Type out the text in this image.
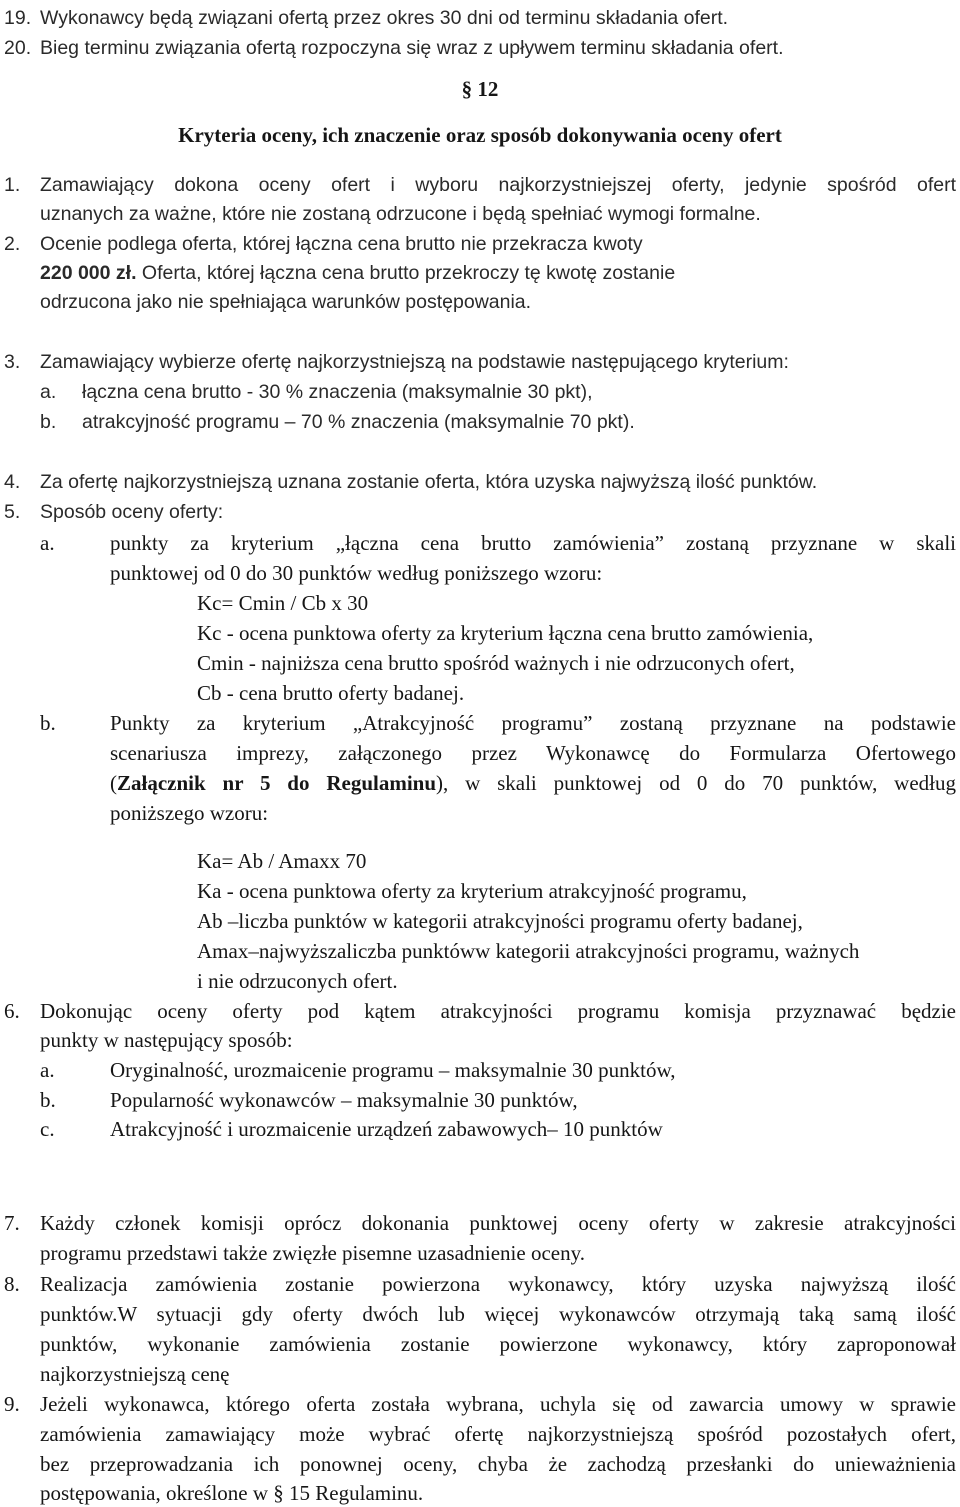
19. Wykonawcy będą związani ofertą przez okres 30 dni od terminu składania ofert.
20. Bieg terminu związania ofertą rozpoczyna się wraz z upływem terminu składania ofert.
§ 12
Kryteria oceny, ich znaczenie oraz sposób dokonywania oceny ofert
1. Zamawiający dokona oceny ofert i wyboru najkorzystniejszej oferty, jedynie spośród ofert
uznanych za ważne, które nie zostaną odrzucone i będą spełniać wymogi formalne.
2. Ocenie podlega oferta, której łączna cena brutto nie przekracza kwoty
220 000 zł. Oferta, której łączna cena brutto przekroczy tę kwotę zostanie
odrzucona jako nie spełniająca warunków postępowania.
3. Zamawiający wybierze ofertę najkorzystniejszą na podstawie następującego kryterium:
a. łączna cena brutto - 30 % znaczenia (maksymalnie 30 pkt),
b. atrakcyjność programu – 70 % znaczenia (maksymalnie 70 pkt).
4. Za ofertę najkorzystniejszą uznana zostanie oferta, która uzyska najwyższą ilość punktów.
5. Sposób oceny oferty:
a.	punkty za kryterium „łączna cena brutto zamówienia” zostaną przyznane w skali
punktowej od 0 do 30 punktów według poniższego wzoru:
Kc= Cmin / Cb x 30
Kc - ocena punktowa oferty za kryterium łączna cena brutto zamówienia,
Cmin - najniższa cena brutto spośród ważnych i nie odrzuconych ofert,
Cb - cena brutto oferty badanej.
b.	Punkty za kryterium „Atrakcyjność programu” zostaną przyznane na podstawie
scenariusza imprezy, załączonego przez Wykonawcę do Formularza Ofertowego
(Załącznik nr 5 do Regulaminu), w skali punktowej od 0 do 70 punktów, według
poniższego wzoru:
Ka= Ab / Amaxx 70
Ka - ocena punktowa oferty za kryterium atrakcyjność programu,
Ab –liczba punktów w kategorii atrakcyjności programu oferty badanej,
Amax–najwyższaliczba punktóww kategorii atrakcyjności programu, ważnych
i nie odrzuconych ofert.
6. Dokonując oceny oferty pod kątem atrakcyjności programu komisja przyznawać będzie
punkty w następujący sposób:
a.	Oryginalność, urozmaicenie programu – maksymalnie 30 punktów,
b.	Popularność wykonawców – maksymalnie 30 punktów,
c.	Atrakcyjność i urozmaicenie urządzeń zabawowych– 10 punktów
7. Każdy członek komisji oprócz dokonania punktowej oceny oferty w zakresie atrakcyjności
programu przedstawi także zwięzłe pisemne uzasadnienie oceny.
8. Realizacja zamówienia zostanie powierzona wykonawcy, który uzyska najwyższą ilość
punktów.W sytuacji gdy oferty dwóch lub więcej wykonawców otrzymają taką samą ilość
punktów, wykonanie zamówienia zostanie powierzone wykonawcy, który zaproponował
najkorzystniejszą cenę
9. Jeżeli wykonawca, którego oferta została wybrana, uchyla się od zawarcia umowy w sprawie
zamówienia zamawiający może wybrać ofertę najkorzystniejszą spośród pozostałych ofert,
bez przeprowadzania ich ponownej oceny, chyba że zachodzą przesłanki do unieważnienia
postępowania, określone w § 15 Regulaminu.
